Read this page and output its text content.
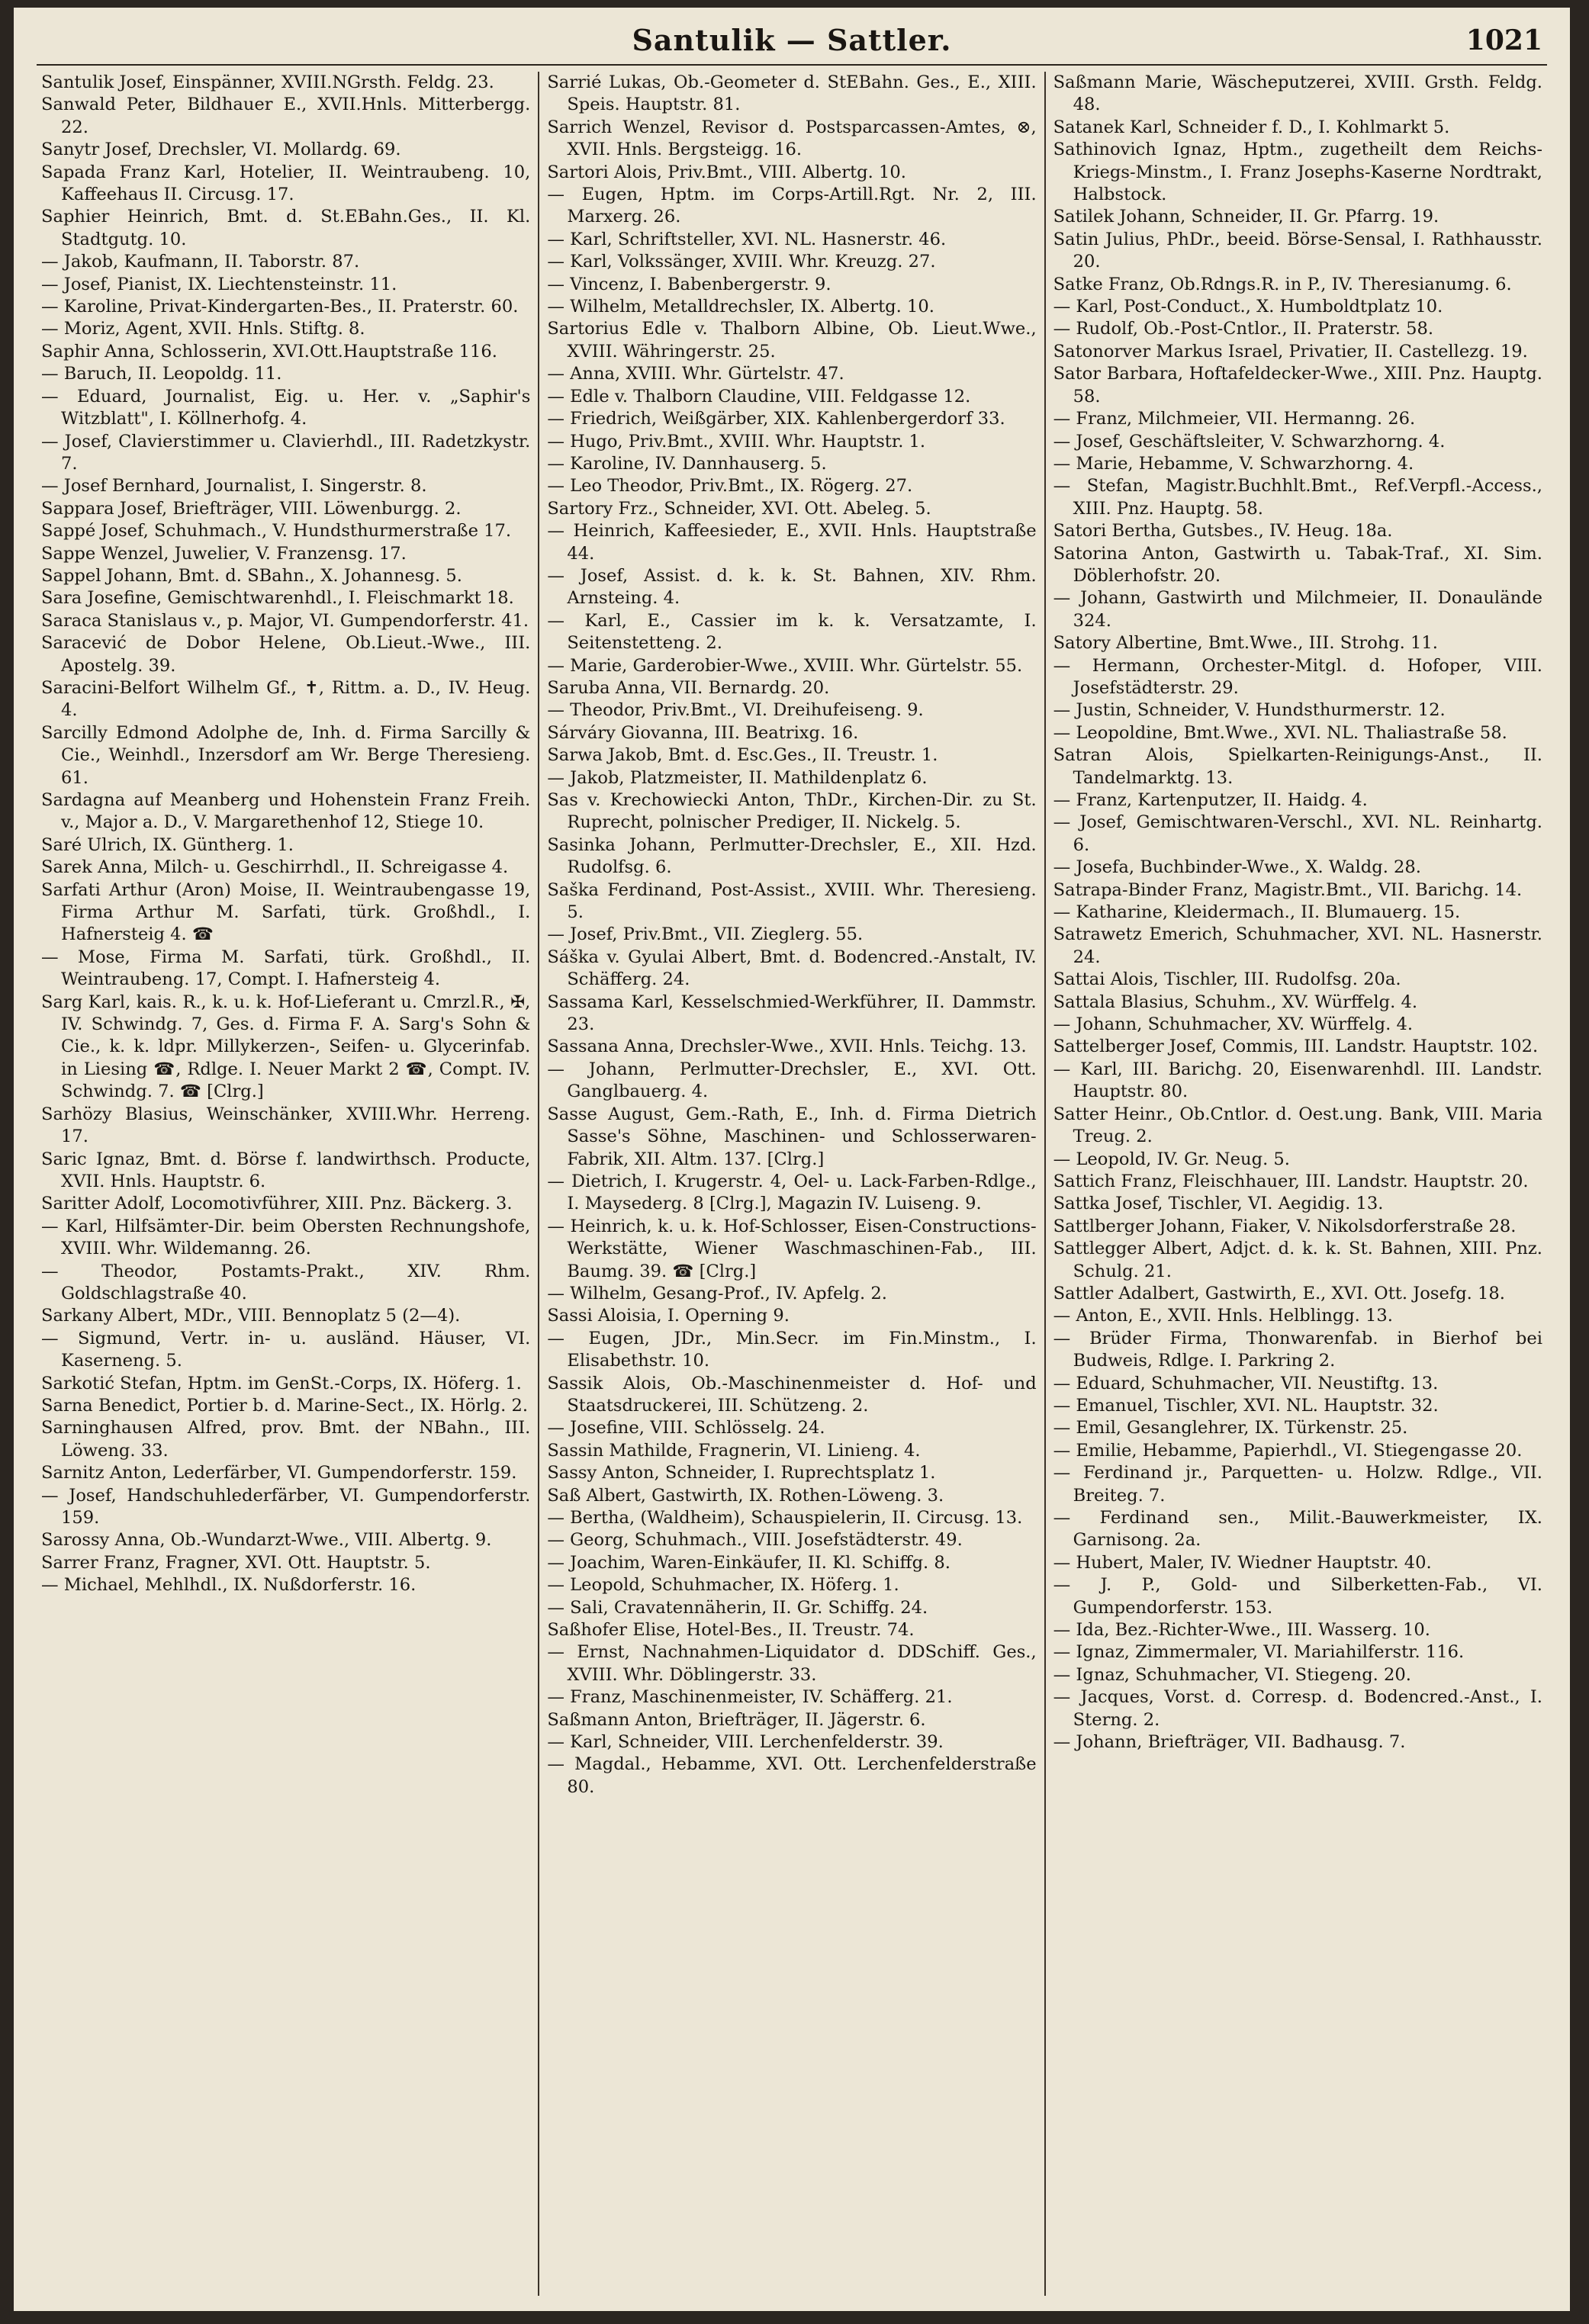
Santulik — Sattler.	1021
Santulik Josef, Einspänner, XVIII.NGrsth. Feldg. 23.
Sanwald Peter, Bildhauer E., XVII.Hnls. Mitterbergg. 22.
Sanytr Josef, Drechsler, VI. Mollardg. 69.
Sapada Franz Karl, Hotelier, II. Weintraubeng. 10, Kaffeehaus II. Circusg. 17.
Saphier Heinrich, Bmt. d. St.EBahn.Ges., II. Kl. Stadtgutg. 10.
— Jakob, Kaufmann, II. Taborstr. 87.
— Josef, Pianist, IX. Liechtensteinstr. 11.
— Karoline, Privat-Kindergarten-Bes., II. Praterstr. 60.
— Moriz, Agent, XVII. Hnls. Stiftg. 8.
Saphir Anna, Schlosserin, XVI.Ott.Hauptstraße 116.
— Baruch, II. Leopoldg. 11.
— Eduard, Journalist, Eig. u. Her. v. „Saphir's Witzblatt", I. Köllnerhofg. 4.
— Josef, Clavierstimmer u. Clavierhdl., III. Radetzkystr. 7.
— Josef Bernhard, Journalist, I. Singerstr. 8.
Sappara Josef, Briefträger, VIII. Löwenburgg. 2.
Sappé Josef, Schuhmach., V. Hundsthurmerstraße 17.
Sappe Wenzel, Juwelier, V. Franzensg. 17.
Sappel Johann, Bmt. d. SBahn., X. Johannesg. 5.
Sara Josefine, Gemischtwarenhdl., I. Fleischmarkt 18.
Saraca Stanislaus v., p. Major, VI. Gumpendorferstr. 41.
Saracević de Dobor Helene, Ob.Lieut.-Wwe., III. Apostelg. 39.
Saracini-Belfort Wilhelm Gf., ✝, Rittm. a. D., IV. Heug. 4.
Sarcilly Edmond Adolphe de, Inh. d. Firma Sarcilly & Cie., Weinhdl., Inzersdorf am Wr. Berge Theresieng. 61.
Sardagna auf Meanberg und Hohenstein Franz Freih. v., Major a. D., V. Margarethenhof 12, Stiege 10.
Saré Ulrich, IX. Güntherg. 1.
Sarek Anna, Milch- u. Geschirrhdl., II. Schreigasse 4.
Sarfati Arthur (Aron) Moise, II. Weintraubengasse 19, Firma Arthur M. Sarfati, türk. Großhdl., I. Hafnersteig 4. ☎
— Mose, Firma M. Sarfati, türk. Großhdl., II. Weintraubeng. 17, Compt. I. Hafnersteig 4.
Sarg Karl, kais. R., k. u. k. Hof-Lieferant u. Cmrzl.R., ✠, IV. Schwindg. 7, Ges. d. Firma F. A. Sarg's Sohn & Cie., k. k. ldpr. Millykerzen-, Seifen- u. Glycerinfab. in Liesing ☎, Rdlge. I. Neuer Markt 2 ☎, Compt. IV. Schwindg. 7. ☎ [Clrg.]
Sarhözy Blasius, Weinschänker, XVIII.Whr. Herreng. 17.
Saric Ignaz, Bmt. d. Börse f. landwirthsch. Producte, XVII. Hnls. Hauptstr. 6.
Saritter Adolf, Locomotivführer, XIII. Pnz. Bäckerg. 3.
— Karl, Hilfsämter-Dir. beim Obersten Rechnungshofe, XVIII. Whr. Wildemanng. 26.
— Theodor, Postamts-Prakt., XIV. Rhm. Goldschlagstraße 40.
Sarkany Albert, MDr., VIII. Bennoplatz 5 (2—4).
— Sigmund, Vertr. in- u. ausländ. Häuser, VI. Kaserneng. 5.
Sarkotić Stefan, Hptm. im GenSt.-Corps, IX. Höferg. 1.
Sarna Benedict, Portier b. d. Marine-Sect., IX. Hörlg. 2.
Sarninghausen Alfred, prov. Bmt. der NBahn., III. Löweng. 33.
Sarnitz Anton, Lederfärber, VI. Gumpendorferstr. 159.
— Josef, Handschuhlederfärber, VI. Gumpendorferstr. 159.
Sarossy Anna, Ob.-Wundarzt-Wwe., VIII. Albertg. 9.
Sarrer Franz, Fragner, XVI. Ott. Hauptstr. 5.
— Michael, Mehlhdl., IX. Nußdorferstr. 16.
Sarrié Lukas, Ob.-Geometer d. StEBahn. Ges., E., XIII. Speis. Hauptstr. 81.
Sarrich Wenzel, Revisor d. Postsparcassen-Amtes, ⊗, XVII. Hnls. Bergsteigg. 16.
Sartori Alois, Priv.Bmt., VIII. Albertg. 10.
— Eugen, Hptm. im Corps-Artill.Rgt. Nr. 2, III. Marxerg. 26.
— Karl, Schriftsteller, XVI. NL. Hasnerstr. 46.
— Karl, Volkssänger, XVIII. Whr. Kreuzg. 27.
— Vincenz, I. Babenbergerstr. 9.
— Wilhelm, Metalldrechsler, IX. Albertg. 10.
Sartorius Edle v. Thalborn Albine, Ob. Lieut.Wwe., XVIII. Währingerstr. 25.
— Anna, XVIII. Whr. Gürtelstr. 47.
— Edle v. Thalborn Claudine, VIII. Feldgasse 12.
— Friedrich, Weißgärber, XIX. Kahlenbergerdorf 33.
— Hugo, Priv.Bmt., XVIII. Whr. Hauptstr. 1.
— Karoline, IV. Dannhauserg. 5.
— Leo Theodor, Priv.Bmt., IX. Rögerg. 27.
Sartory Frz., Schneider, XVI. Ott. Abeleg. 5.
— Heinrich, Kaffeesieder, E., XVII. Hnls. Hauptstraße 44.
— Josef, Assist. d. k. k. St. Bahnen, XIV. Rhm. Arnsteing. 4.
— Karl, E., Cassier im k. k. Versatzamte, I. Seitenstetteng. 2.
— Marie, Garderobier-Wwe., XVIII. Whr. Gürtelstr. 55.
Saruba Anna, VII. Bernardg. 20.
— Theodor, Priv.Bmt., VI. Dreihufeiseng. 9.
Sárváry Giovanna, III. Beatrixg. 16.
Sarwa Jakob, Bmt. d. Esc.Ges., II. Treustr. 1.
— Jakob, Platzmeister, II. Mathildenplatz 6.
Sas v. Krechowiecki Anton, ThDr., Kirchen-Dir. zu St. Ruprecht, polnischer Prediger, II. Nickelg. 5.
Sasinka Johann, Perlmutter-Drechsler, E., XII. Hzd. Rudolfsg. 6.
Saška Ferdinand, Post-Assist., XVIII. Whr. Theresieng. 5.
— Josef, Priv.Bmt., VII. Zieglerg. 55.
Sáška v. Gyulai Albert, Bmt. d. Bodencred.-Anstalt, IV. Schäfferg. 24.
Sassama Karl, Kesselschmied-Werkführer, II. Dammstr. 23.
Sassana Anna, Drechsler-Wwe., XVII. Hnls. Teichg. 13.
— Johann, Perlmutter-Drechsler, E., XVI. Ott. Ganglbauerg. 4.
Sasse August, Gem.-Rath, E., Inh. d. Firma Dietrich Sasse's Söhne, Maschinen- und Schlosserwaren-Fabrik, XII. Altm. 137. [Clrg.]
— Dietrich, I. Krugerstr. 4, Oel- u. Lack-Farben-Rdlge., I. Maysederg. 8 [Clrg.], Magazin IV. Luiseng. 9.
— Heinrich, k. u. k. Hof-Schlosser, Eisen-Constructions-Werkstätte, Wiener Waschmaschinen-Fab., III. Baumg. 39. ☎ [Clrg.]
— Wilhelm, Gesang-Prof., IV. Apfelg. 2.
Sassi Aloisia, I. Operning 9.
— Eugen, JDr., Min.Secr. im Fin.Minstm., I. Elisabethstr. 10.
Sassik Alois, Ob.-Maschinenmeister d. Hof- und Staatsdruckerei, III. Schützeng. 2.
— Josefine, VIII. Schlösselg. 24.
Sassin Mathilde, Fragnerin, VI. Linieng. 4.
Sassy Anton, Schneider, I. Ruprechtsplatz 1.
Saß Albert, Gastwirth, IX. Rothen-Löweng. 3.
— Bertha, (Waldheim), Schauspielerin, II. Circusg. 13.
— Georg, Schuhmach., VIII. Josefstädterstr. 49.
— Joachim, Waren-Einkäufer, II. Kl. Schiffg. 8.
— Leopold, Schuhmacher, IX. Höferg. 1.
— Sali, Cravatennäherin, II. Gr. Schiffg. 24.
Saßhofer Elise, Hotel-Bes., II. Treustr. 74.
— Ernst, Nachnahmen-Liquidator d. DDSchiff. Ges., XVIII. Whr. Döblingerstr. 33.
— Franz, Maschinenmeister, IV. Schäfferg. 21.
Saßmann Anton, Briefträger, II. Jägerstr. 6.
— Karl, Schneider, VIII. Lerchenfelderstr. 39.
— Magdal., Hebamme, XVI. Ott. Lerchenfelderstraße 80.
Saßmann Marie, Wäscheputzerei, XVIII. Grsth. Feldg. 48.
Satanek Karl, Schneider f. D., I. Kohlmarkt 5.
Sathinovich Ignaz, Hptm., zugetheilt dem Reichs-Kriegs-Minstm., I. Franz Josephs-Kaserne Nordtrakt, Halbstock.
Satilek Johann, Schneider, II. Gr. Pfarrg. 19.
Satin Julius, PhDr., beeid. Börse-Sensal, I. Rathhausstr. 20.
Satke Franz, Ob.Rdngs.R. in P., IV. Theresianumg. 6.
— Karl, Post-Conduct., X. Humboldtplatz 10.
— Rudolf, Ob.-Post-Cntlor., II. Praterstr. 58.
Satonorver Markus Israel, Privatier, II. Castellezg. 19.
Sator Barbara, Hoftafeldecker-Wwe., XIII. Pnz. Hauptg. 58.
— Franz, Milchmeier, VII. Hermanng. 26.
— Josef, Geschäftsleiter, V. Schwarzhorng. 4.
— Marie, Hebamme, V. Schwarzhorng. 4.
— Stefan, Magistr.Buchhlt.Bmt., Ref.Verpfl.-Access., XIII. Pnz. Hauptg. 58.
Satori Bertha, Gutsbes., IV. Heug. 18a.
Satorina Anton, Gastwirth u. Tabak-Traf., XI. Sim. Döblerhofstr. 20.
— Johann, Gastwirth und Milchmeier, II. Donaulände 324.
Satory Albertine, Bmt.Wwe., III. Strohg. 11.
— Hermann, Orchester-Mitgl. d. Hofoper, VIII. Josefstädterstr. 29.
— Justin, Schneider, V. Hundsthurmerstr. 12.
— Leopoldine, Bmt.Wwe., XVI. NL. Thaliastraße 58.
Satran Alois, Spielkarten-Reinigungs-Anst., II. Tandelmarktg. 13.
— Franz, Kartenputzer, II. Haidg. 4.
— Josef, Gemischtwaren-Verschl., XVI. NL. Reinhartg. 6.
— Josefa, Buchbinder-Wwe., X. Waldg. 28.
Satrapa-Binder Franz, Magistr.Bmt., VII. Barichg. 14.
— Katharine, Kleidermach., II. Blumauerg. 15.
Satrawetz Emerich, Schuhmacher, XVI. NL. Hasnerstr. 24.
Sattai Alois, Tischler, III. Rudolfsg. 20a.
Sattala Blasius, Schuhm., XV. Würffelg. 4.
— Johann, Schuhmacher, XV. Würffelg. 4.
Sattelberger Josef, Commis, III. Landstr. Hauptstr. 102.
— Karl, III. Barichg. 20, Eisenwarenhdl. III. Landstr. Hauptstr. 80.
Satter Heinr., Ob.Cntlor. d. Oest.ung. Bank, VIII. Maria Treug. 2.
— Leopold, IV. Gr. Neug. 5.
Sattich Franz, Fleischhauer, III. Landstr. Hauptstr. 20.
Sattka Josef, Tischler, VI. Aegidig. 13.
Sattlberger Johann, Fiaker, V. Nikolsdorferstraße 28.
Sattlegger Albert, Adjct. d. k. k. St. Bahnen, XIII. Pnz. Schulg. 21.
Sattler Adalbert, Gastwirth, E., XVI. Ott. Josefg. 18.
— Anton, E., XVII. Hnls. Helblingg. 13.
— Brüder Firma, Thonwarenfab. in Bierhof bei Budweis, Rdlge. I. Parkring 2.
— Eduard, Schuhmacher, VII. Neustiftg. 13.
— Emanuel, Tischler, XVI. NL. Hauptstr. 32.
— Emil, Gesanglehrer, IX. Türkenstr. 25.
— Emilie, Hebamme, Papierhdl., VI. Stiegengasse 20.
— Ferdinand jr., Parquetten- u. Holzw. Rdlge., VII. Breiteg. 7.
— Ferdinand sen., Milit.-Bauwerkmeister, IX. Garnisong. 2a.
— Hubert, Maler, IV. Wiedner Hauptstr. 40.
— J. P., Gold- und Silberketten-Fab., VI. Gumpendorferstr. 153.
— Ida, Bez.-Richter-Wwe., III. Wasserg. 10.
— Ignaz, Zimmermaler, VI. Mariahilferstr. 116.
— Ignaz, Schuhmacher, VI. Stiegeng. 20.
— Jacques, Vorst. d. Corresp. d. Bodencred.-Anst., I. Sterng. 2.
— Johann, Briefträger, VII. Badhausg. 7.
